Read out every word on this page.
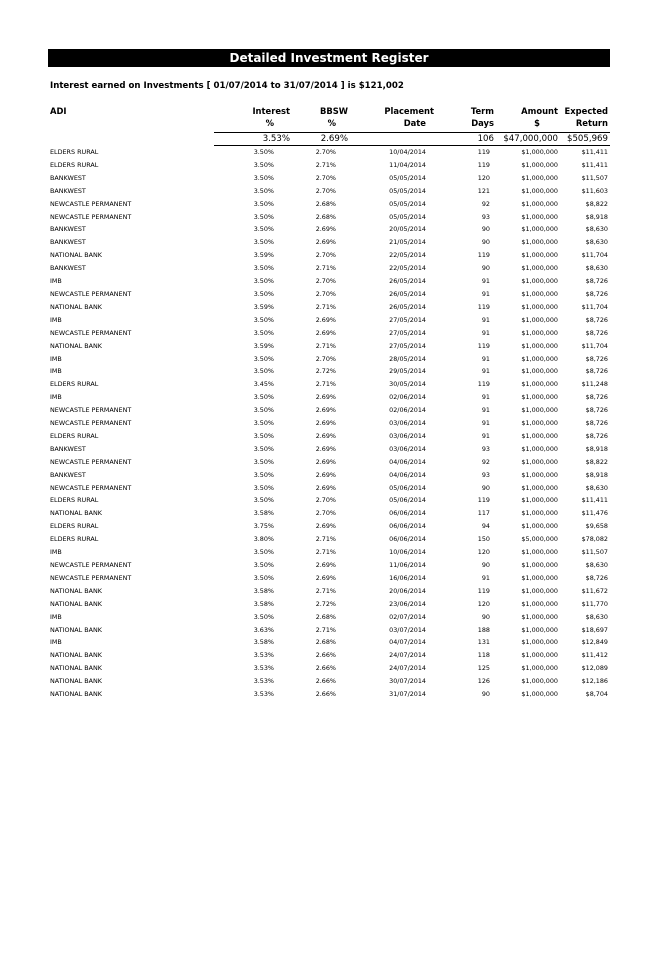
Detailed Investment Register
Interest earned on Investments [ 01/07/2014 to 31/07/2014 ] is $121,002
ADI	Interest	BBSW	Placement	Term	Amount	Expected
	%	%	Date	Days	$	Return
	3.53%	2.69%		106	$47,000,000	$505,969
ELDERS RURAL	3.50%	2.70%	10/04/2014	119	$1,000,000	$11,411
ELDERS RURAL	3.50%	2.71%	11/04/2014	119	$1,000,000	$11,411
BANKWEST	3.50%	2.70%	05/05/2014	120	$1,000,000	$11,507
BANKWEST	3.50%	2.70%	05/05/2014	121	$1,000,000	$11,603
NEWCASTLE PERMANENT	3.50%	2.68%	05/05/2014	92	$1,000,000	$8,822
NEWCASTLE PERMANENT	3.50%	2.68%	05/05/2014	93	$1,000,000	$8,918
BANKWEST	3.50%	2.69%	20/05/2014	90	$1,000,000	$8,630
BANKWEST	3.50%	2.69%	21/05/2014	90	$1,000,000	$8,630
NATIONAL BANK	3.59%	2.70%	22/05/2014	119	$1,000,000	$11,704
BANKWEST	3.50%	2.71%	22/05/2014	90	$1,000,000	$8,630
IMB	3.50%	2.70%	26/05/2014	91	$1,000,000	$8,726
NEWCASTLE PERMANENT	3.50%	2.70%	26/05/2014	91	$1,000,000	$8,726
NATIONAL BANK	3.59%	2.71%	26/05/2014	119	$1,000,000	$11,704
IMB	3.50%	2.69%	27/05/2014	91	$1,000,000	$8,726
NEWCASTLE PERMANENT	3.50%	2.69%	27/05/2014	91	$1,000,000	$8,726
NATIONAL BANK	3.59%	2.71%	27/05/2014	119	$1,000,000	$11,704
IMB	3.50%	2.70%	28/05/2014	91	$1,000,000	$8,726
IMB	3.50%	2.72%	29/05/2014	91	$1,000,000	$8,726
ELDERS RURAL	3.45%	2.71%	30/05/2014	119	$1,000,000	$11,248
IMB	3.50%	2.69%	02/06/2014	91	$1,000,000	$8,726
NEWCASTLE PERMANENT	3.50%	2.69%	02/06/2014	91	$1,000,000	$8,726
NEWCASTLE PERMANENT	3.50%	2.69%	03/06/2014	91	$1,000,000	$8,726
ELDERS RURAL	3.50%	2.69%	03/06/2014	91	$1,000,000	$8,726
BANKWEST	3.50%	2.69%	03/06/2014	93	$1,000,000	$8,918
NEWCASTLE PERMANENT	3.50%	2.69%	04/06/2014	92	$1,000,000	$8,822
BANKWEST	3.50%	2.69%	04/06/2014	93	$1,000,000	$8,918
NEWCASTLE PERMANENT	3.50%	2.69%	05/06/2014	90	$1,000,000	$8,630
ELDERS RURAL	3.50%	2.70%	05/06/2014	119	$1,000,000	$11,411
NATIONAL BANK	3.58%	2.70%	06/06/2014	117	$1,000,000	$11,476
ELDERS RURAL	3.75%	2.69%	06/06/2014	94	$1,000,000	$9,658
ELDERS RURAL	3.80%	2.71%	06/06/2014	150	$5,000,000	$78,082
IMB	3.50%	2.71%	10/06/2014	120	$1,000,000	$11,507
NEWCASTLE PERMANENT	3.50%	2.69%	11/06/2014	90	$1,000,000	$8,630
NEWCASTLE PERMANENT	3.50%	2.69%	16/06/2014	91	$1,000,000	$8,726
NATIONAL BANK	3.58%	2.71%	20/06/2014	119	$1,000,000	$11,672
NATIONAL BANK	3.58%	2.72%	23/06/2014	120	$1,000,000	$11,770
IMB	3.50%	2.68%	02/07/2014	90	$1,000,000	$8,630
NATIONAL BANK	3.63%	2.71%	03/07/2014	188	$1,000,000	$18,697
IMB	3.58%	2.68%	04/07/2014	131	$1,000,000	$12,849
NATIONAL BANK	3.53%	2.66%	24/07/2014	118	$1,000,000	$11,412
NATIONAL BANK	3.53%	2.66%	24/07/2014	125	$1,000,000	$12,089
NATIONAL BANK	3.53%	2.66%	30/07/2014	126	$1,000,000	$12,186
NATIONAL BANK	3.53%	2.66%	31/07/2014	90	$1,000,000	$8,704
